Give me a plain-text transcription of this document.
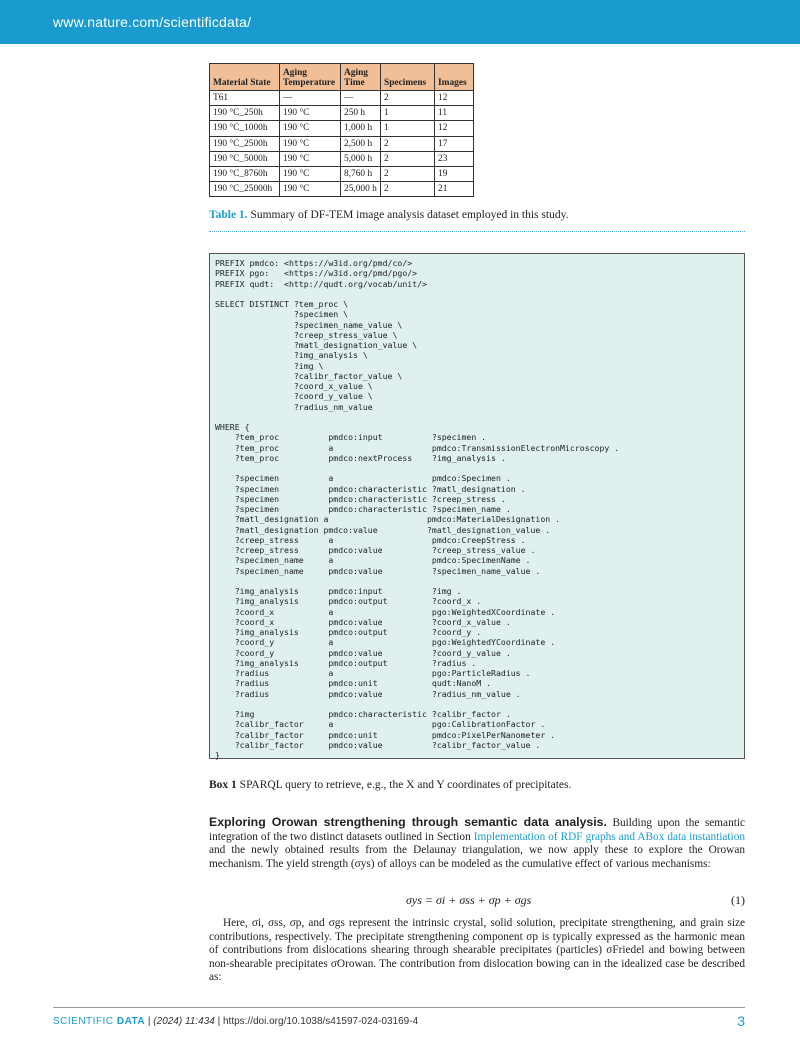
www.nature.com/scientificdata/
Material State	Aging Temperature	Aging Time	Specimens	Images
T61	—	—	2	12
190 °C_250h	190 °C	250 h	1	11
190 °C_1000h	190 °C	1,000 h	1	12
190 °C_2500h	190 °C	2,500 h	2	17
190 °C_5000h	190 °C	5,000 h	2	23
190 °C_8760h	190 °C	8,760 h	2	19
190 °C_25000h	190 °C	25,000 h	2	21
Table 1. Summary of DF-TEM image analysis dataset employed in this study.
PREFIX pmdco: <https://w3id.org/pmd/co/>
PREFIX pgo:   <https://w3id.org/pmd/pgo/>
PREFIX qudt:  <http://qudt.org/vocab/unit/>

SELECT DISTINCT ?tem_proc \
?specimen \
?specimen_name_value \
?creep_stress_value \
?matl_designation_value \
?img_analysis \
?img \
?calibr_factor_value \
?coord_x_value \
?coord_y_value \
?radius_nm_value

WHERE {
?tem_proc          pmdco:input          ?specimen .
?tem_proc          a                    pmdco:TransmissionElectronMicroscopy .
?tem_proc          pmdco:nextProcess    ?img_analysis .

?specimen          a                    pmdco:Specimen .
?specimen          pmdco:characteristic ?matl_designation .
?specimen          pmdco:characteristic ?creep_stress .
?specimen          pmdco:characteristic ?specimen_name .
?matl_designation a                    pmdco:MaterialDesignation .
?matl_designation pmdco:value          ?matl_designation_value .
?creep_stress      a                    pmdco:CreepStress .
?creep_stress      pmdco:value          ?creep_stress_value .
?specimen_name     a                    pmdco:SpecimenName .
?specimen_name     pmdco:value          ?specimen_name_value .

?img_analysis      pmdco:input          ?img .
?img_analysis      pmdco:output         ?coord_x .
?coord_x           a                    pgo:WeightedXCoordinate .
?coord_x           pmdco:value          ?coord_x_value .
?img_analysis      pmdco:output         ?coord_y .
?coord_y           a                    pgo:WeightedYCoordinate .
?coord_y           pmdco:value          ?coord_y_value .
?img_analysis      pmdco:output         ?radius .
?radius            a                    pgo:ParticleRadius .
?radius            pmdco:unit           qudt:NanoM .
?radius            pmdco:value          ?radius_nm_value .

?img               pmdco:characteristic ?calibr_factor .
?calibr_factor     a                    pgo:CalibrationFactor .
?calibr_factor     pmdco:unit           pmdco:PixelPerNanometer .
?calibr_factor     pmdco:value          ?calibr_factor_value .
}
Box 1 SPARQL query to retrieve, e.g., the X and Y coordinates of precipitates.
Exploring Orowan strengthening through semantic data analysis. Building upon the semantic integration of the two distinct datasets outlined in Section Implementation of RDF graphs and ABox data instantiation and the newly obtained results from the Delaunay triangulation, we now apply these to explore the Orowan mechanism. The yield strength (σys) of alloys can be modeled as the cumulative effect of various mechanisms:
σys = σi + σss + σp + σgs	(1)
Here, σi, σss, σp, and σgs represent the intrinsic crystal, solid solution, precipitate strengthening, and grain size contributions, respectively. The precipitate strengthening component σp is typically expressed as the harmonic mean of contributions from dislocations shearing through shearable precipitates (particles) σFriedel and bowing between non-shearable precipitates σOrowan. The contribution from dislocation bowing can in the idealized case be described as:
SCIENTIFIC DATA | (2024) 11:434 | https://doi.org/10.1038/s41597-024-03169-4	3
